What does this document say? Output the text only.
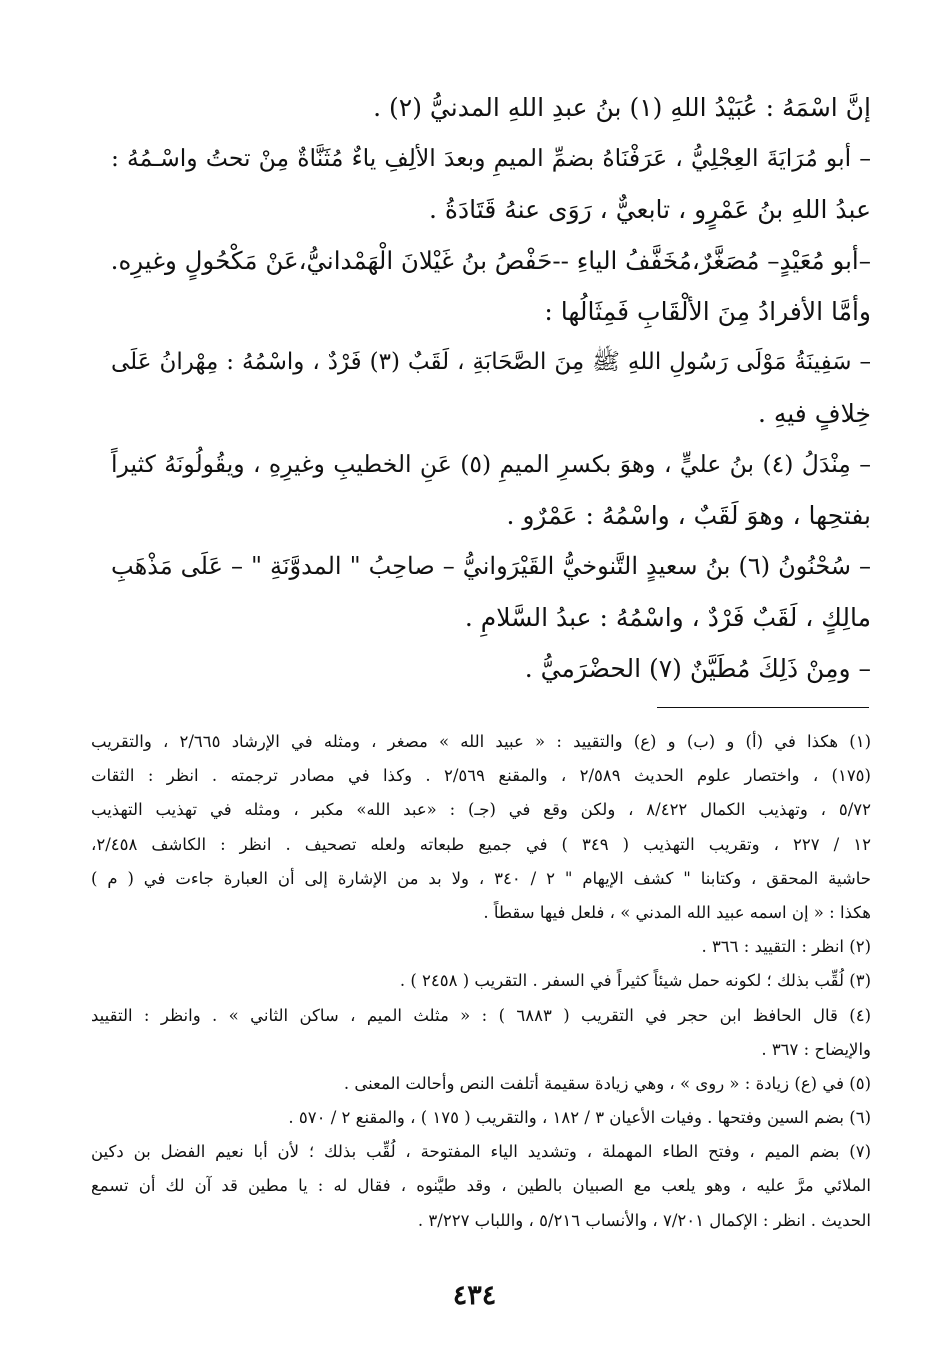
إنَّ اسْمَهُ : عُبَيْدُ اللهِ (١) بنُ عبدِ اللهِ المدنيُّ (٢) .
– أبو مُرَايَةَ العِجْلِيُّ ، عَرَفْنَاهُ بضمِّ الميمِ وبعدَ الألِفِ ياءٌ مُثَنَّاةٌ مِنْ تحتُ واسْـمُهُ :
عبدُ اللهِ بنُ عَمْرٍو ، تابعيٌّ ، رَوَى عنهُ قَتَادَةُ .
–أبو مُعَيْدٍ– مُصَغَّرٌ،مُخَفَّفُ الياءِ --حَفْصُ بنُ غَيْلانَ الْهَمْدانيُّ،عَنْ مَكْحُولٍ وغيرِه.
وأمَّا الأفرادُ مِنَ الألْقَابِ فَمِثَالُها :
– سَفِينَةُ مَوْلَى رَسُولِ اللهِ ﷺ مِنَ الصَّحَابَةِ ، لَقَبٌ (٣) فَرْدٌ ، واسْمُهُ : مِهْرانُ عَلَى
خِلافٍ فيهِ .
– مِنْدَلُ (٤) بنُ عليٍّ ، وهوَ بكسرِ الميمِ (٥) عَنِ الخطيبِ وغيرِهِ ، ويقُولُونَهُ كثيراً
بفتحِها ، وهوَ لَقَبٌ ، واسْمُهُ : عَمْرٌو .
– سُحْنُونُ (٦) بنُ سعيدٍ التَّنوخيُّ القَيْرَوانيُّ – صاحِبُ " المدوَّنَةِ " – عَلَى مَذْهَبِ
مالِكٍ ، لَقَبٌ فَرْدٌ ، واسْمُهُ : عبدُ السَّلامِ .
– ومِنْ ذَلِكَ مُطَيَّنٌ (٧) الحضْرَميُّ .
(١) هكذا في (أ) و (ب) و (ع) والتقييد : « عبيد الله » مصغر ، ومثله في الإرشاد ٢/٦٦٥ ، والتقريب
(١٧٥) ، واختصار علوم الحديث ٢/٥٨٩ ، والمقنع ٢/٥٦٩ . وكذا في مصادر ترجمته . انظر : الثقات
٥/٧٢ ، وتهذيب الكمال ٨/٤٢٢ ، ولكن وقع في (جـ) : «عبد الله» مكبر ، ومثله في تهذيب التهذيب
١٢ / ٢٢٧ ، وتقريب التهذيب ( ٣٤٩ ) في جميع طبعاته ولعله تصحيف . انظر : الكاشف ٢/٤٥٨،
حاشية المحقق ، وكتابنا " كشف الإيهام " ٢ / ٣٤٠ ، ولا بد من الإشارة إلى أن العبارة جاءت في ( م )
هكذا : « إن اسمه عبيد الله المدني » ، فلعل فيها سقطاً .
(٢) انظر : التقييد : ٣٦٦ .
(٣) لُقِّب بذلك ؛ لكونه حمل شيئاً كثيراً في السفر . التقريب ( ٢٤٥٨ ) .
(٤) قال الحافظ ابن حجر في التقريب ( ٦٨٨٣ ) : « مثلث الميم ، ساكن الثاني » . وانظر : التقييد
والإيضاح : ٣٦٧ .
(٥) في (ع) زيادة : « روى » ، وهي زيادة سقيمة أتلفت النص وأحالت المعنى .
(٦) بضم السين وفتحها . وفيات الأعيان ٣ / ١٨٢ ، والتقريب ( ١٧٥ ) ، والمقنع ٢ / ٥٧٠ .
(٧) بضم الميم ، وفتح الطاء المهملة ، وتشديد الياء المفتوحة ، لُقِّب بذلك ؛ لأن أبا نعيم الفضل بن دكين
الملائي مرَّ عليه ، وهو يلعب مع الصبيان بالطين ، وقد طيَّنوه ، فقال له : يا مطين قد آن لك أن تسمع
الحديث . انظر : الإكمال ٧/٢٠١ ، والأنساب ٥/٢١٦ ، واللباب ٣/٢٢٧ .
٤٣٤
